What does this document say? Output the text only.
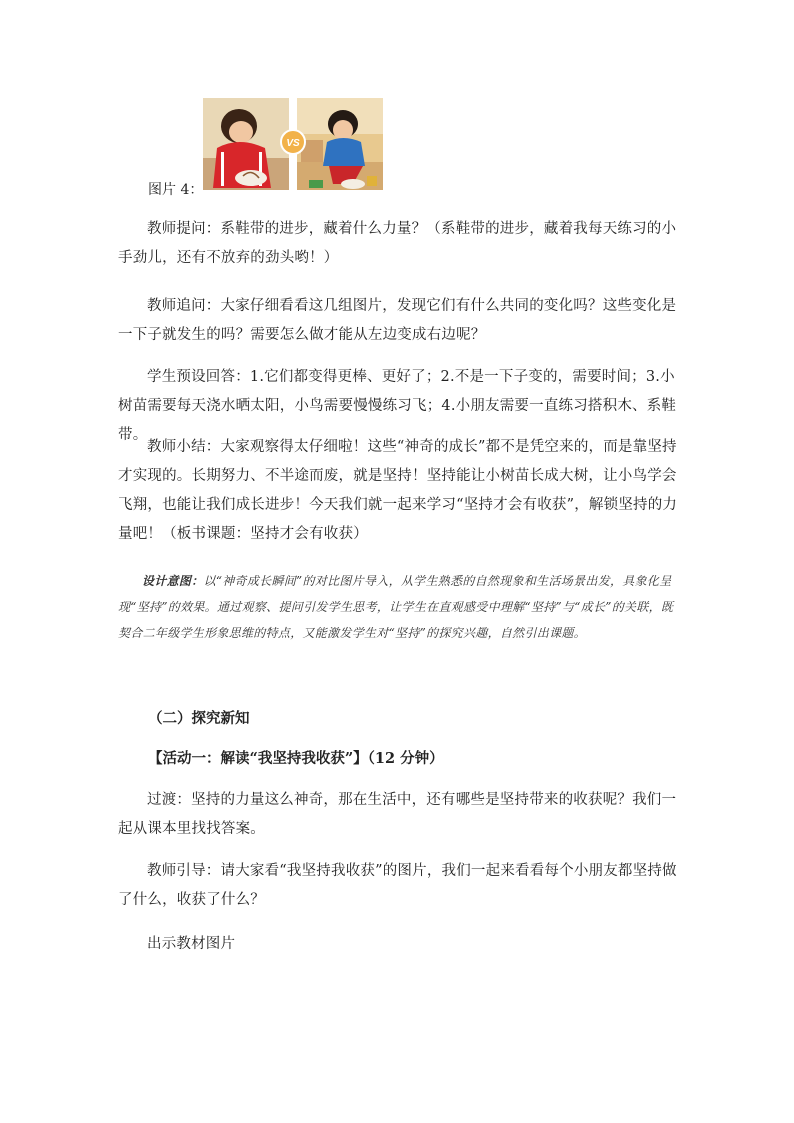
VS
图片 4：

教师提问：系鞋带的进步，藏着什么力量？（系鞋带的进步，藏着我每天练习的小手劲儿，还有不放弃的劲头哟！）

教师追问：大家仔细看看这几组图片，发现它们有什么共同的变化吗？这些变化是一下子就发生的吗？需要怎么做才能从左边变成右边呢？

学生预设回答：1.它们都变得更棒、更好了；2.不是一下子变的，需要时间；3.小树苗需要每天浇水晒太阳，小鸟需要慢慢练习飞；4.小朋友需要一直练习搭积木、系鞋带。

教师小结：大家观察得太仔细啦！这些“神奇的成长”都不是凭空来的，而是靠坚持才实现的。长期努力、不半途而废，就是坚持！坚持能让小树苗长成大树，让小鸟学会飞翔，也能让我们成长进步！今天我们就一起来学习“坚持才会有收获”，解锁坚持的力量吧！（板书课题：坚持才会有收获）

设计意图：以“神奇成长瞬间”的对比图片导入，从学生熟悉的自然现象和生活场景出发，具象化呈现“坚持”的效果。通过观察、提问引发学生思考，让学生在直观感受中理解“坚持”与“成长”的关联，既契合二年级学生形象思维的特点，又能激发学生对“坚持”的探究兴趣，自然引出课题。

（二）探究新知

【活动一：解读“我坚持我收获”】（12 分钟）

过渡：坚持的力量这么神奇，那在生活中，还有哪些是坚持带来的收获呢？我们一起从课本里找找答案。

教师引导：请大家看“我坚持我收获”的图片，我们一起来看看每个小朋友都坚持做了什么，收获了什么？

出示教材图片
